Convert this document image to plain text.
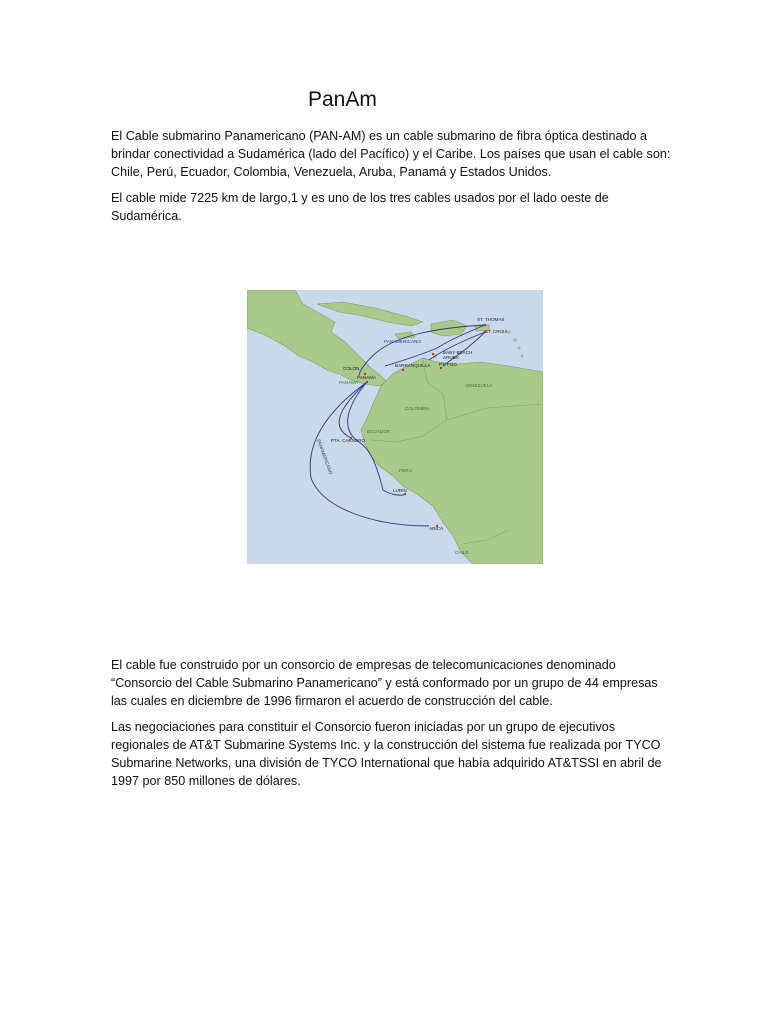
PanAm

El Cable submarino Panamericano (PAN-AM) es un cable submarino de fibra óptica destinado a brindar conectividad a Sudamérica (lado del Pacífico) y el Caribe. Los países que usan el cable son: Chile, Perú, Ecuador, Colombia, Venezuela, Aruba, Panamá y Estados Unidos.

El cable mide 7225 km de largo,1 y es uno de los tres cables usados por el lado oeste de Sudamérica.

ST. THOMAS
ST. CROIX
PANAMERICANO
BABY BEACH
ARUBA
BARRANQUILLA PT. FIJO
COLON
PANAMA
PANAMA
VENEZUELA
COLOMBIA
ECUADOR
PTA. CARNERO
PERU
LURIN
ARICA
CHILE
PANAMERICANO

El cable fue construido por un consorcio de empresas de telecomunicaciones denominado “Consorcio del Cable Submarino Panamericano” y está conformado por un grupo de 44 empresas las cuales en diciembre de 1996 firmaron el acuerdo de construcción del cable.

Las negociaciones para constituir el Consorcio fueron iniciadas por un grupo de ejecutivos regionales de AT&T Submarine Systems Inc. y la construcción del sistema fue realizada por TYCO Submarine Networks, una división de TYCO International que había adquirido AT&TSSI en abril de 1997 por 850 millones de dólares.
